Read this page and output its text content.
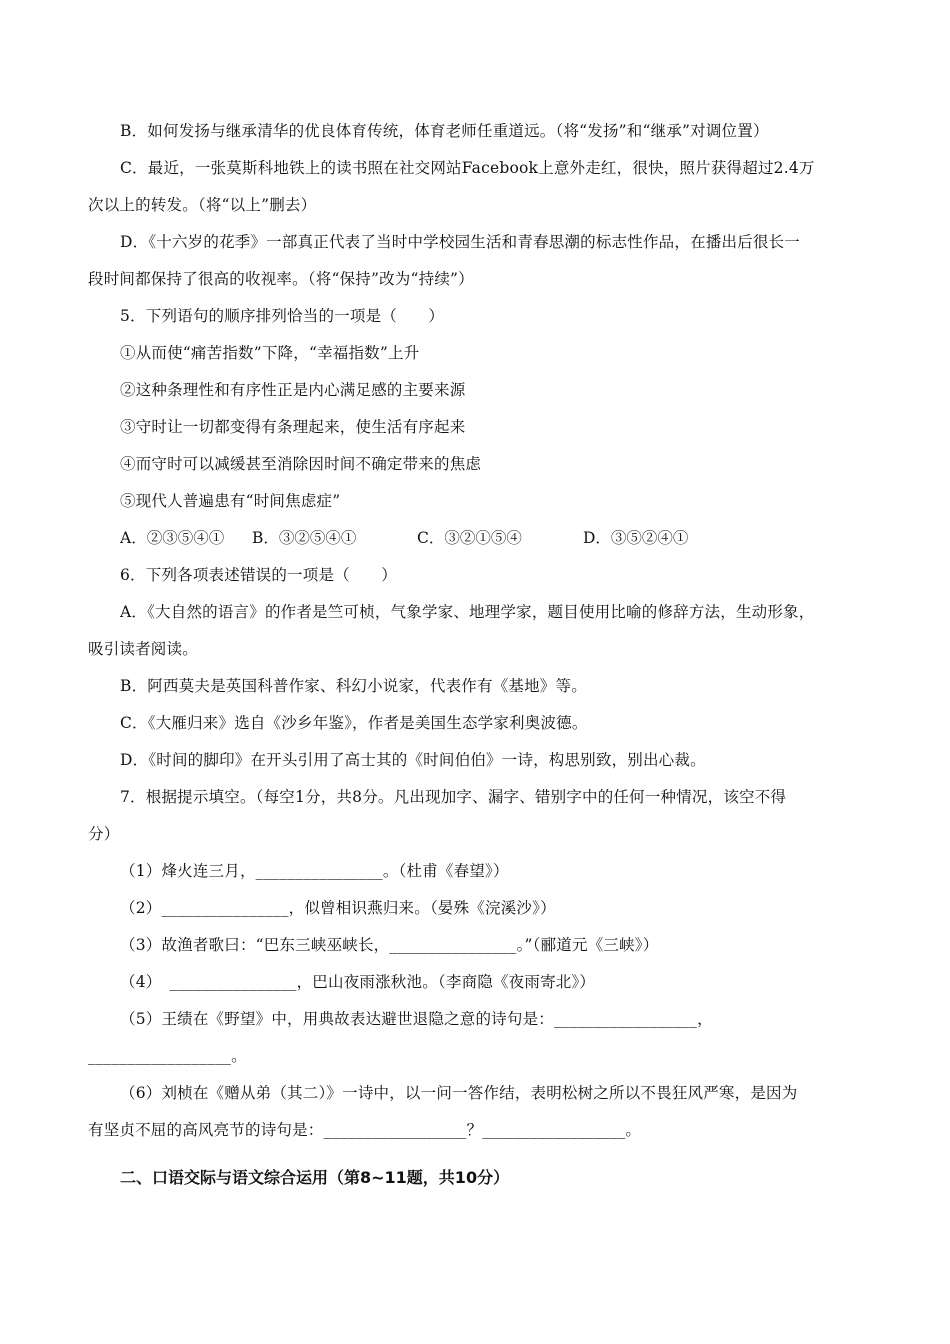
B．如何发扬与继承清华的优良体育传统，体育老师任重道远。（将“发扬”和“继承”对调位置）
C．最近，一张莫斯科地铁上的读书照在社交网站Facebook上意外走红，很快，照片获得超过2.4万
次以上的转发。（将“以上”删去）
D．《十六岁的花季》一部真正代表了当时中学校园生活和青春思潮的标志性作品，在播出后很长一
段时间都保持了很高的收视率。（将“保持”改为“持续”）
5．下列语句的顺序排列恰当的一项是（　　）
①从而使“痛苦指数”下降，“幸福指数”上升
②这种条理性和有序性正是内心满足感的主要来源
③守时让一切都变得有条理起来，使生活有序起来
④而守时可以减缓甚至消除因时间不确定带来的焦虑
⑤现代人普遍患有“时间焦虑症”
A．②③⑤④① B．③②⑤④①	C．③②①⑤④	D．③⑤②④①
6．下列各项表述错误的一项是（　　）
A．《大自然的语言》的作者是竺可桢，气象学家、地理学家，题目使用比喻的修辞方法，生动形象，
吸引读者阅读。
B．阿西莫夫是英国科普作家、科幻小说家，代表作有《基地》等。
C．《大雁归来》选自《沙乡年鉴》，作者是美国生态学家利奥波德。
D．《时间的脚印》在开头引用了高士其的《时间伯伯》一诗，构思别致，别出心裁。
7．根据提示填空。（每空1分，共8分。凡出现加字、漏字、错别字中的任何一种情况，该空不得
分）
（1）烽火连三月，________________。（杜甫《春望》）
（2）________________，似曾相识燕归来。（晏殊《浣溪沙》）
（3）故渔者歌曰：“巴东三峡巫峡长，________________。”（郦道元《三峡》）
（4）　________________，巴山夜雨涨秋池。（李商隐《夜雨寄北》）
（5）王绩在《野望》中，用典故表达避世退隐之意的诗句是：__________________，
__________________。
（6）刘桢在《赠从弟（其二）》一诗中，以一问一答作结，表明松树之所以不畏狂风严寒，是因为
有坚贞不屈的高风亮节的诗句是：__________________？__________________。
二、口语交际与语文综合运用（第8~11题，共10分）
